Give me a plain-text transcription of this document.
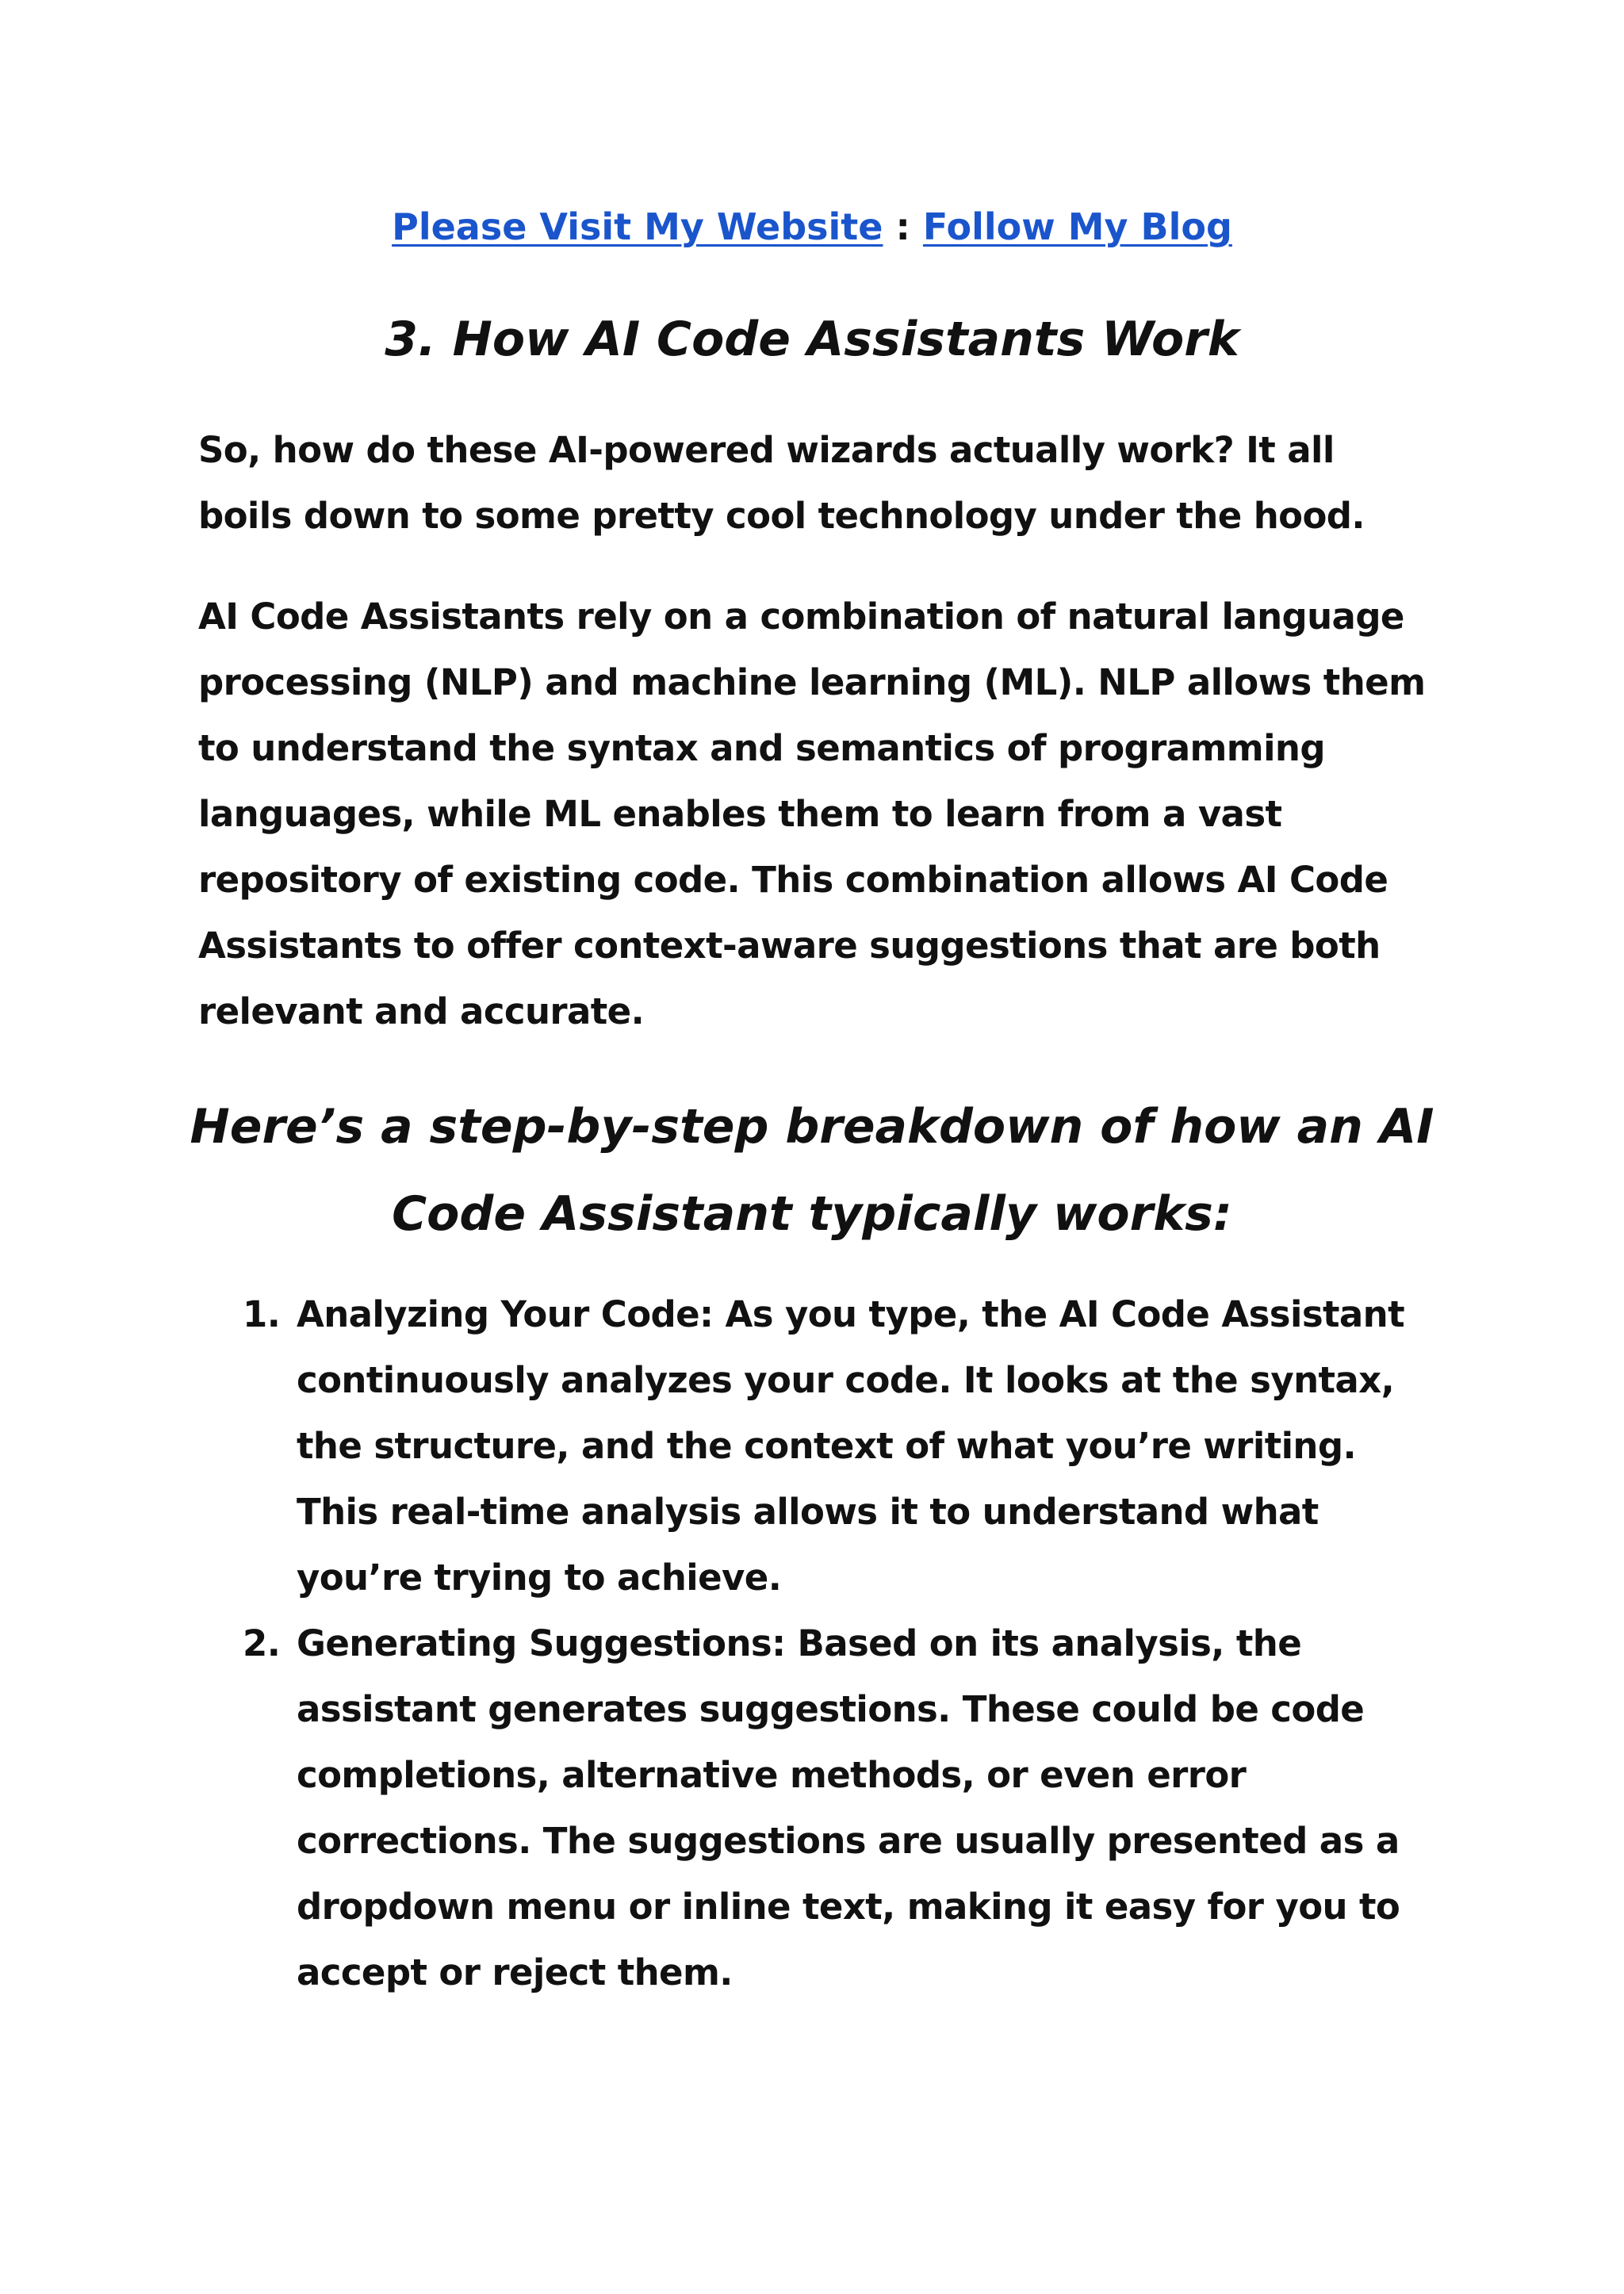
Please Visit My Website : Follow My Blog
3. How AI Code Assistants Work

So, how do these AI-powered wizards actually work? It all boils down to some pretty cool technology under the hood.

AI Code Assistants rely on a combination of natural language processing (NLP) and machine learning (ML). NLP allows them to understand the syntax and semantics of programming languages, while ML enables them to learn from a vast repository of existing code. This combination allows AI Code Assistants to offer context-aware suggestions that are both relevant and accurate.

Here’s a step-by-step breakdown of how an AI Code Assistant typically works:
1. Analyzing Your Code: As you type, the AI Code Assistant continuously analyzes your code. It looks at the syntax, the structure, and the context of what you’re writing. This real-time analysis allows it to understand what you’re trying to achieve.
2. Generating Suggestions: Based on its analysis, the assistant generates suggestions. These could be code completions, alternative methods, or even error corrections. The suggestions are usually presented as a dropdown menu or inline text, making it easy for you to accept or reject them.
